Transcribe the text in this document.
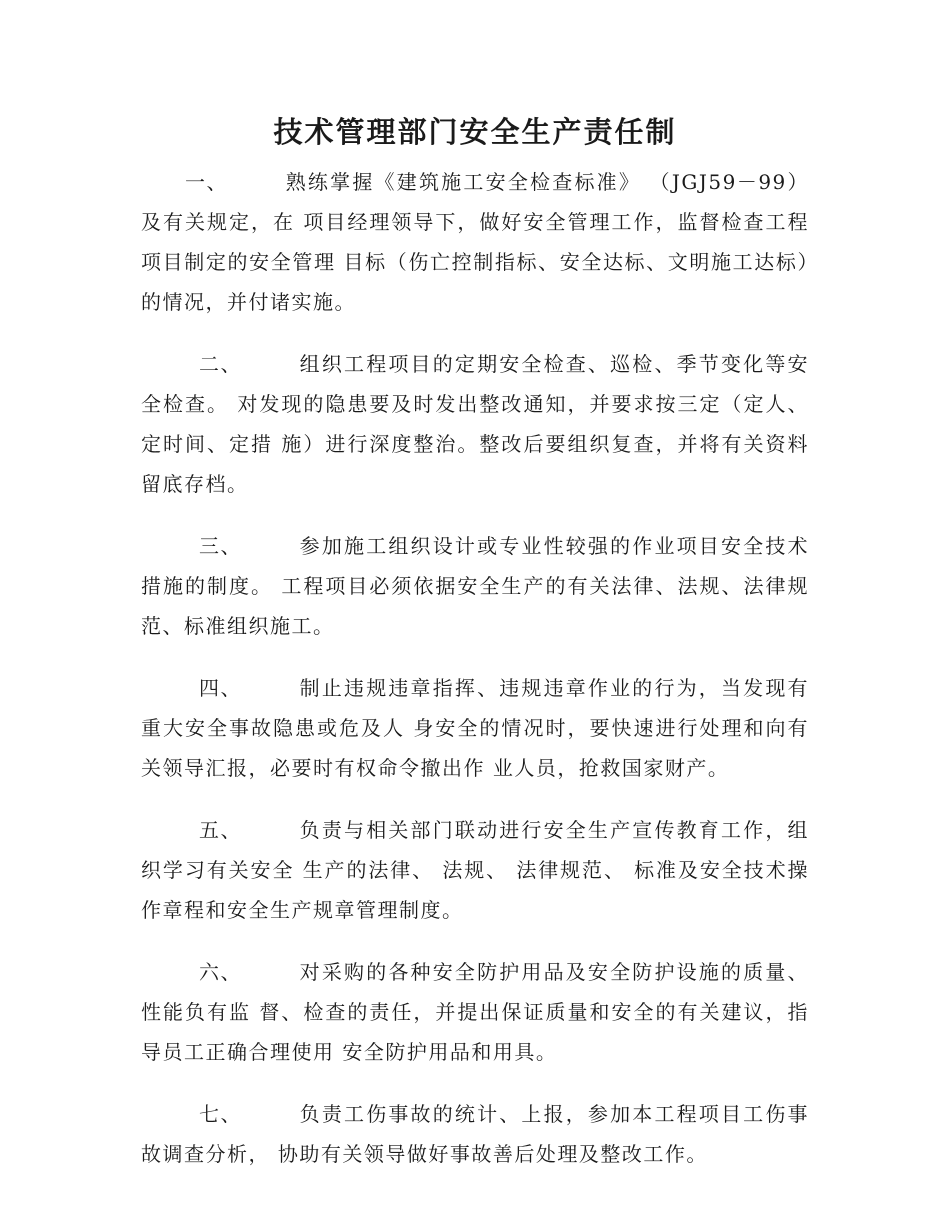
技术管理部门安全生产责任制

一、	熟练掌握《建筑施工安全检查标准》 （JGJ59－99）及有关规定，在 项目经理领导下，做好安全管理工作，监督检查工程项目制定的安全管理 目标（伤亡控制指标、安全达标、文明施工达标）的情况，并付诸实施。

二、	组织工程项目的定期安全检查、巡检、季节变化等安全检查。 对发现的隐患要及时发出整改通知，并要求按三定（定人、定时间、定措 施）进行深度整治。整改后要组织复查，并将有关资料留底存档。

三、	参加施工组织设计或专业性较强的作业项目安全技术措施的制度。 工程项目必须依据安全生产的有关法律、法规、法律规范、标准组织施工。

四、	制止违规违章指挥、违规违章作业的行为，当发现有重大安全事故隐患或危及人 身安全的情况时，要快速进行处理和向有关领导汇报，必要时有权命令撤出作 业人员，抢救国家财产。

五、	负责与相关部门联动进行安全生产宣传教育工作，组织学习有关安全 生产的法律、 法规、 法律规范、 标准及安全技术操作章程和安全生产规章管理制度。

六、	对采购的各种安全防护用品及安全防护设施的质量、性能负有监 督、检查的责任，并提出保证质量和安全的有关建议，指导员工正确合理使用 安全防护用品和用具。

七、	负责工伤事故的统计、上报，参加本工程项目工伤事故调查分析， 协助有关领导做好事故善后处理及整改工作。
